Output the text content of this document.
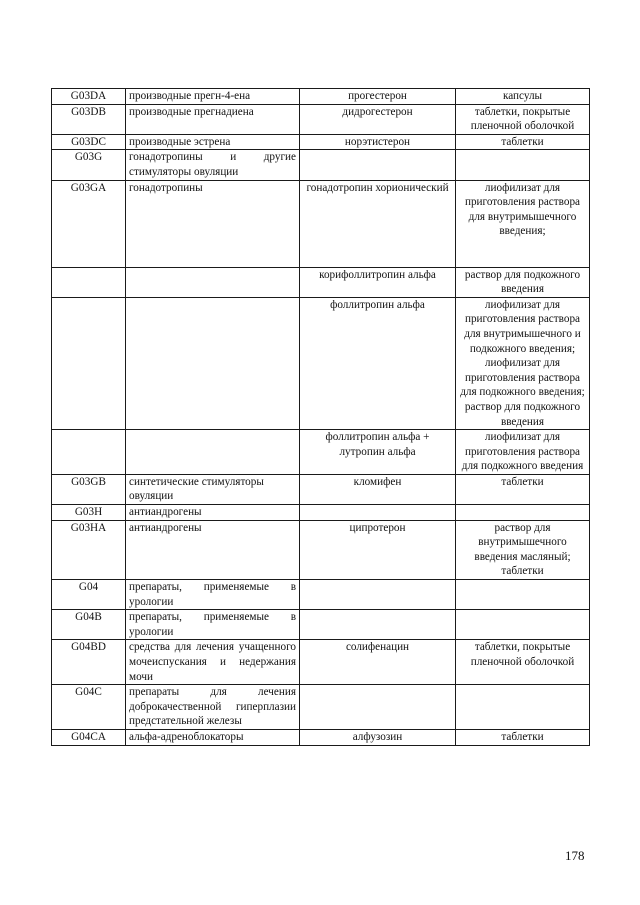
G03DA	производные прегн-4-ена	прогестерон	капсулы
G03DB	производные прегнадиена	дидрогестерон	таблетки, покрытые пленочной оболочкой
G03DC	производные эстрена	норэтистерон	таблетки
G03G	гонадотропины и другие стимуляторы овуляции		
G03GA	гонадотропины	гонадотропин хорионический	лиофилизат для приготовления раствора для внутримышечного введения;
		корифоллитропин альфа	раствор для подкожного введения
		фоллитропин альфа	лиофилизат для приготовления раствора для внутримышечного и подкожного введения; лиофилизат для приготовления раствора для подкожного введения; раствор для подкожного введения
		фоллитропин альфа + лутропин альфа	лиофилизат для приготовления раствора для подкожного введения
G03GB	синтетические стимуляторы овуляции	кломифен	таблетки
G03H	антиандрогены		
G03HA	антиандрогены	ципротерон	раствор для внутримышечного введения масляный; таблетки
G04	препараты, применяемые в урологии		
G04B	препараты, применяемые в урологии		
G04BD	средства для лечения учащенного мочеиспускания и недержания мочи	солифенацин	таблетки, покрытые пленочной оболочкой
G04C	препараты для лечения доброкачественной гиперплазии предстательной железы		
G04CA	альфа-адреноблокаторы	алфузозин	таблетки
178
